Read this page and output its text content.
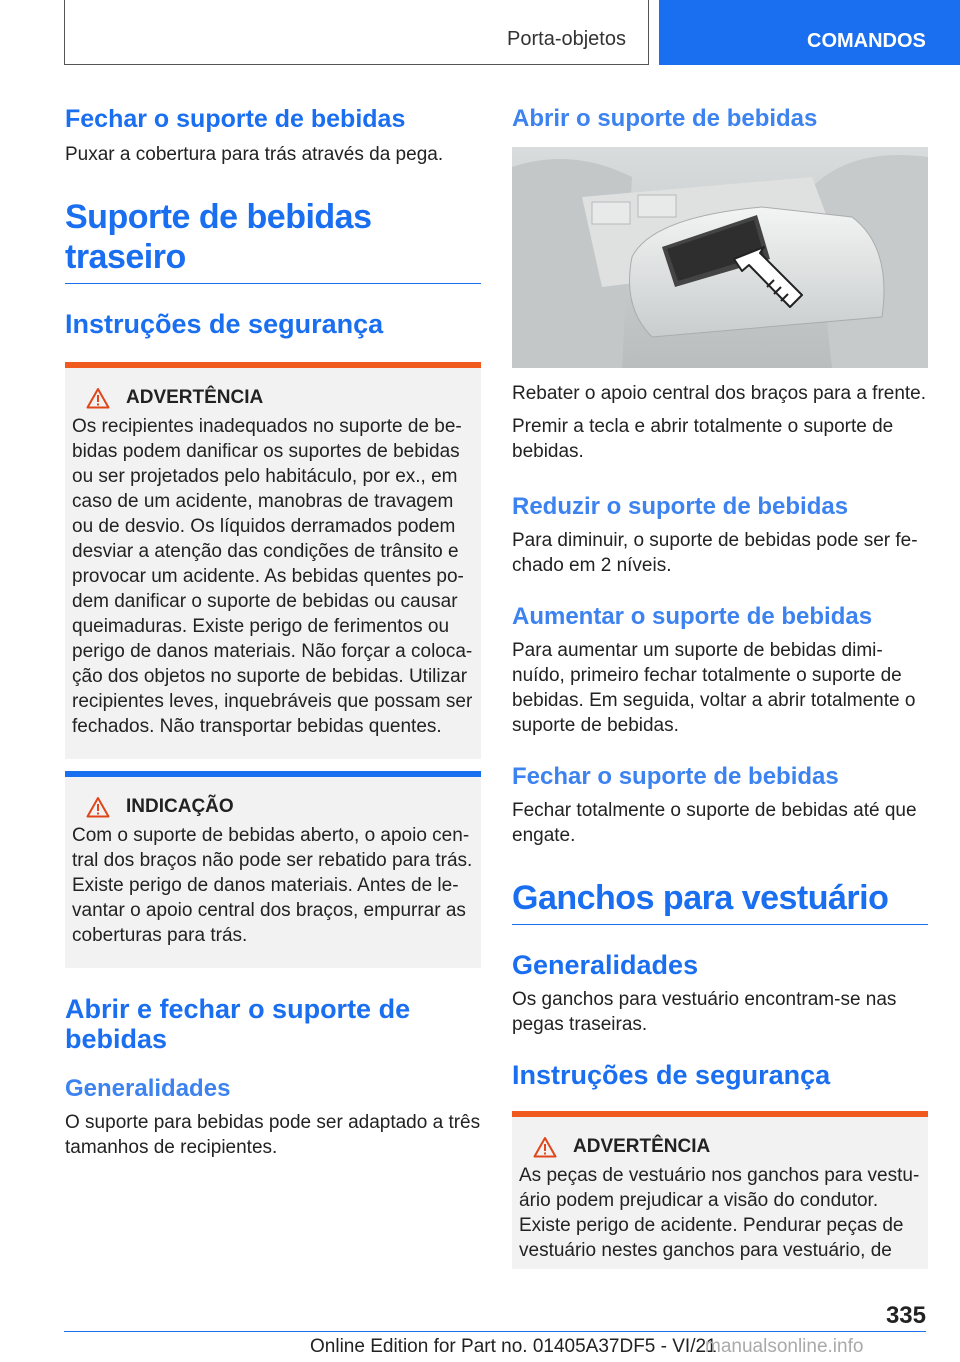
Porta-objetos	COMANDOS
Fechar o suporte de bebidas

Puxar a cobertura para trás através da pega.

Suporte de bebidas traseiro
Instruções de segurança
ADVERTÊNCIA

Os recipientes inadequados no suporte de be-bidas podem danificar os suportes de bebidas ou ser projetados pelo habitáculo, por ex., em caso de um acidente, manobras de travagem ou de desvio. Os líquidos derramados podem desviar a atenção das condições de trânsito e provocar um acidente. As bebidas quentes po-dem danificar o suporte de bebidas ou causar queimaduras. Existe perigo de ferimentos ou perigo de danos materiais. Não forçar a coloca-ção dos objetos no suporte de bebidas. Utilizar recipientes leves, inquebráveis que possam ser fechados. Não transportar bebidas quentes.

INDICAÇÃO

Com o suporte de bebidas aberto, o apoio cen-tral dos braços não pode ser rebatido para trás. Existe perigo de danos materiais. Antes de le-vantar o apoio central dos braços, empurrar as coberturas para trás.

Abrir e fechar o suporte de bebidas
Generalidades

O suporte para bebidas pode ser adaptado a três tamanhos de recipientes.

Abrir o suporte de bebidas

Rebater o apoio central dos braços para a frente.

Premir a tecla e abrir totalmente o suporte de bebidas.

Reduzir o suporte de bebidas

Para diminuir, o suporte de bebidas pode ser fe-chado em 2 níveis.

Aumentar o suporte de bebidas

Para aumentar um suporte de bebidas dimi-nuído, primeiro fechar totalmente o suporte de bebidas. Em seguida, voltar a abrir totalmente o suporte de bebidas.

Fechar o suporte de bebidas

Fechar totalmente o suporte de bebidas até que engate.

Ganchos para vestuário
Generalidades

Os ganchos para vestuário encontram-se nas pegas traseiras.

Instruções de segurança
ADVERTÊNCIA

As peças de vestuário nos ganchos para vestu-ário podem prejudicar a visão do condutor. Existe perigo de acidente. Pendurar peças de vestuário nestes ganchos para vestuário, de

335
Online Edition for Part no. 01405A37DF5 - VI/21
manualsonline.info
